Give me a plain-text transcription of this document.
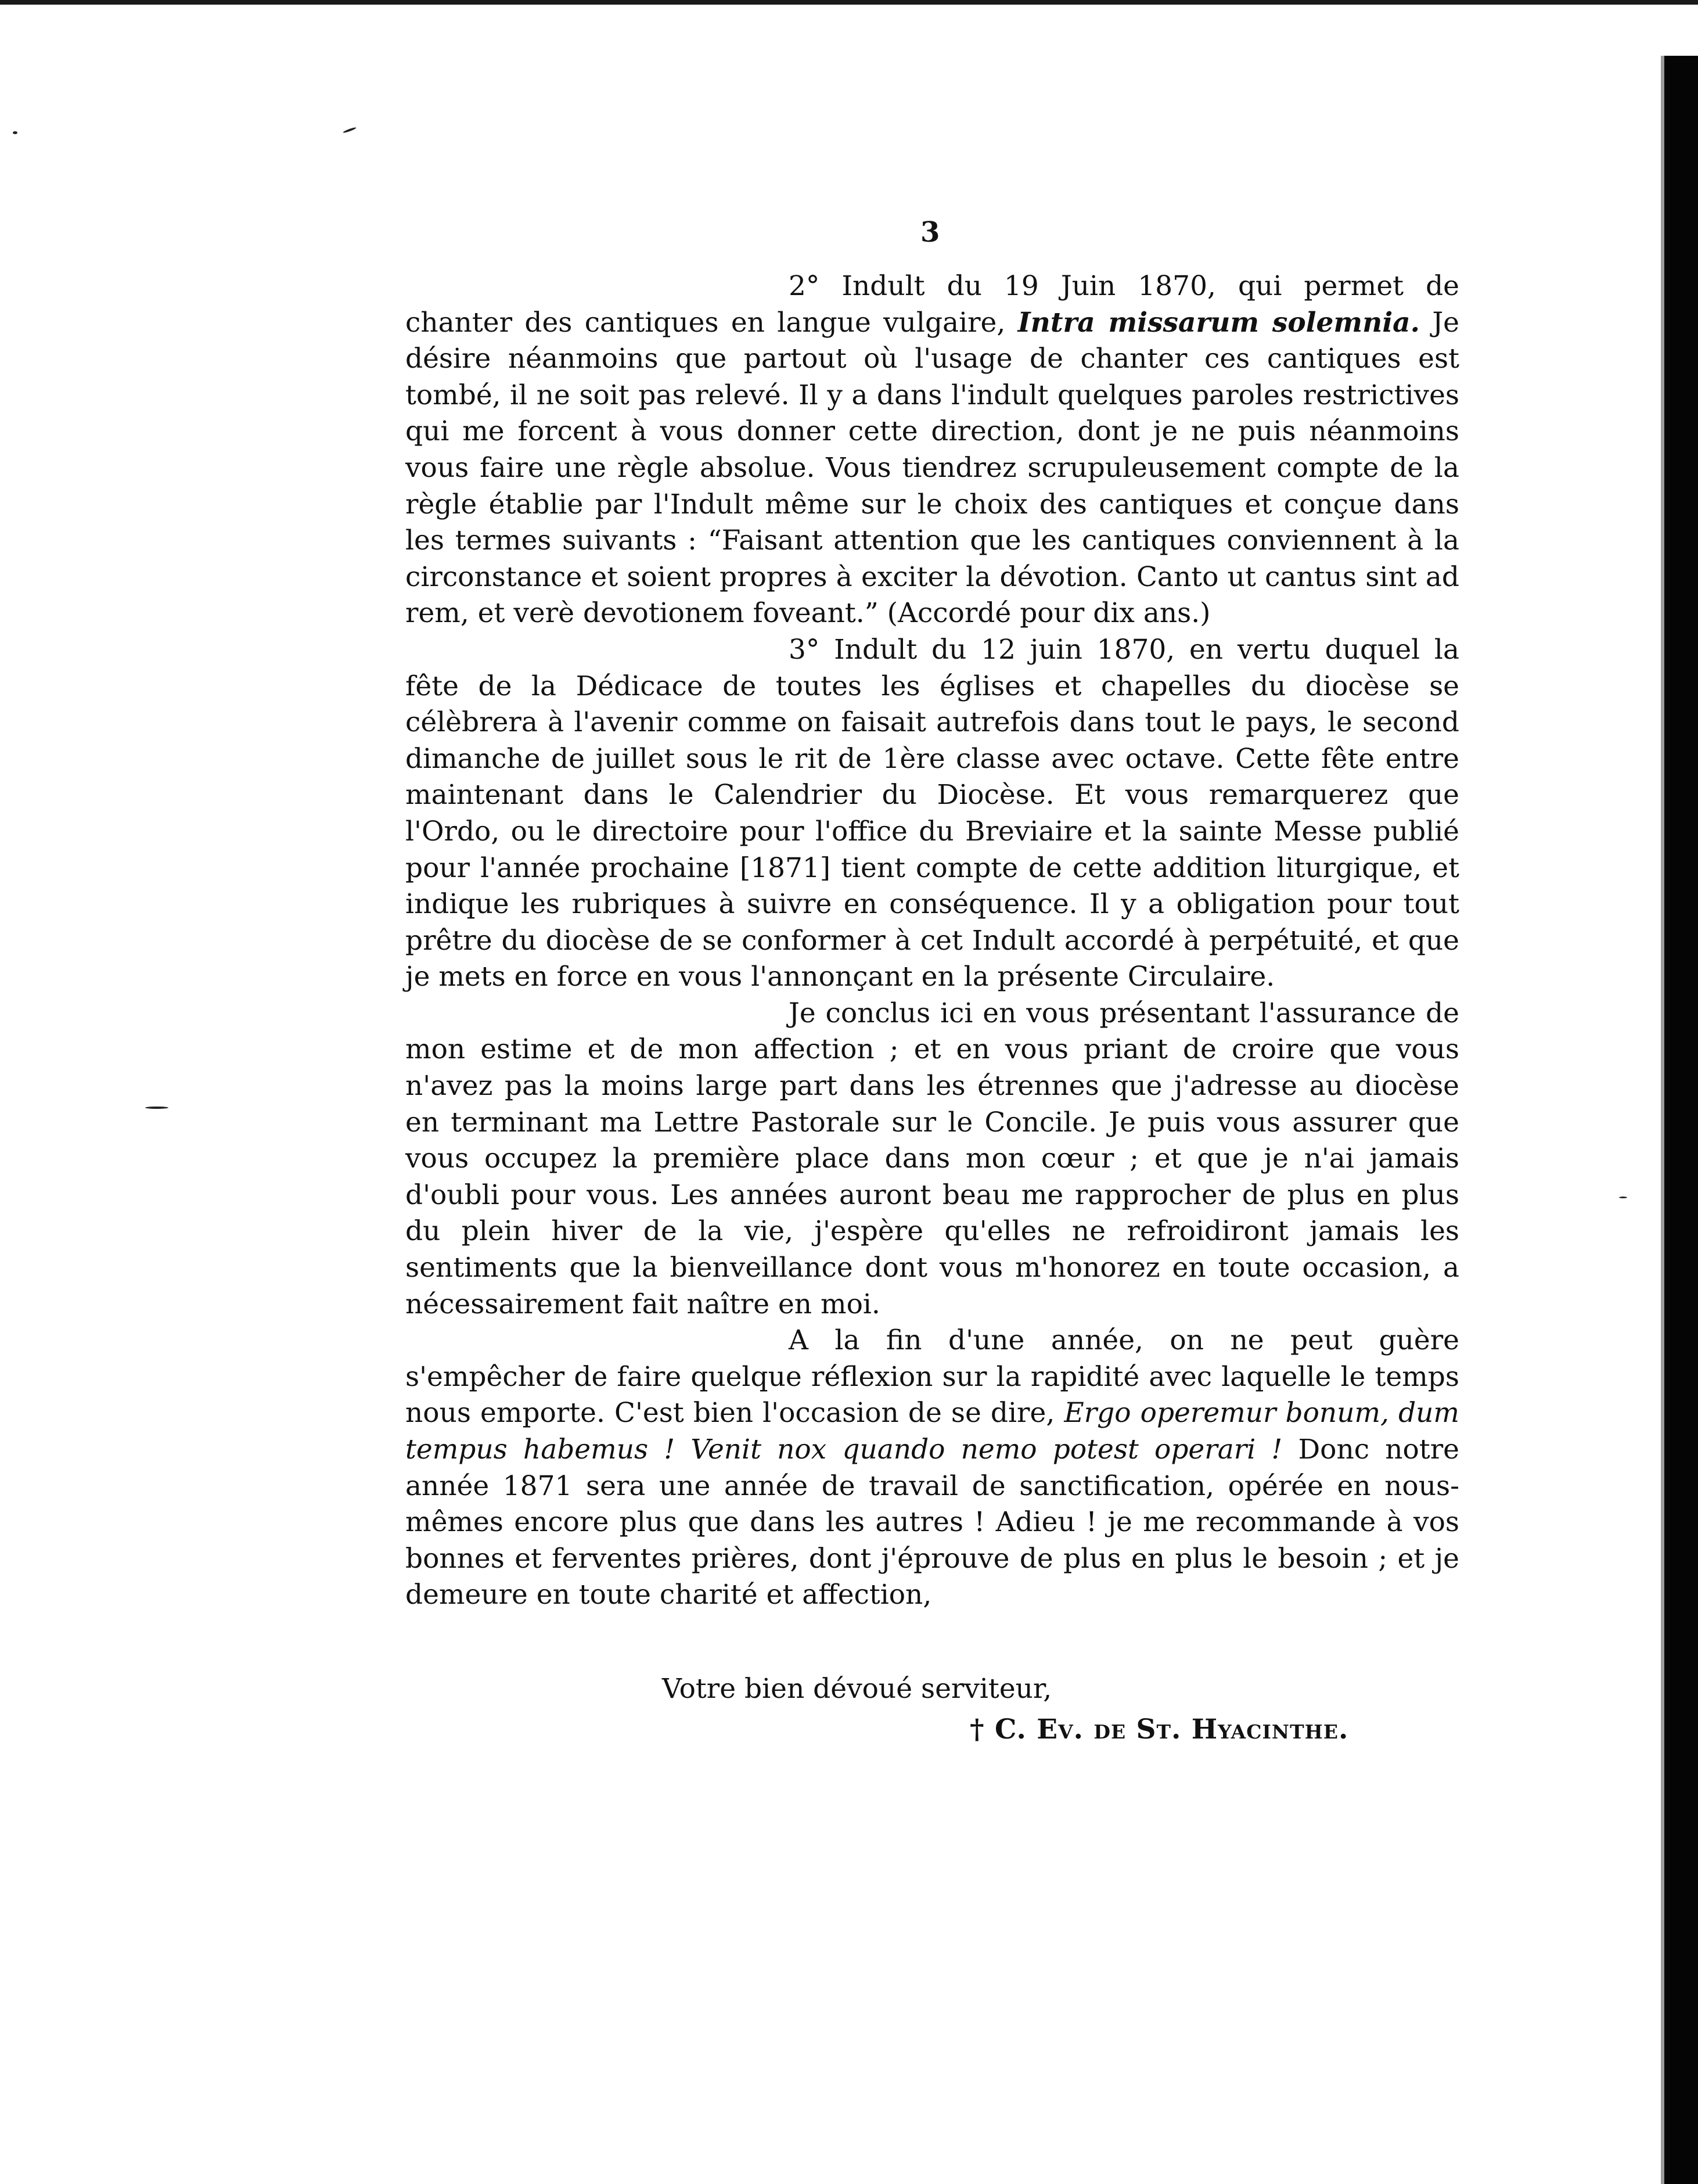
3

2° Indult du 19 Juin 1870, qui permet de chanter des cantiques en langue vulgaire, Intra missarum solemnia. Je désire néanmoins que partout où l'usage de chanter ces cantiques est tombé, il ne soit pas relevé. Il y a dans l'indult quelques paroles restrictives qui me forcent à vous donner cette direction, dont je ne puis néanmoins vous faire une règle absolue. Vous tiendrez scrupuleusement compte de la règle établie par l'Indult même sur le choix des cantiques et conçue dans les termes suivants : “Faisant attention que les cantiques conviennent à la circonstance et soient propres à exciter la dévotion. Canto ut cantus sint ad rem, et verè devotionem foveant.” (Accordé pour dix ans.)

3° Indult du 12 juin 1870, en vertu duquel la fête de la Dédicace de toutes les églises et chapelles du diocèse se célèbrera à l'avenir comme on faisait autrefois dans tout le pays, le second dimanche de juillet sous le rit de 1ère classe avec octave. Cette fête entre maintenant dans le Calendrier du Diocèse. Et vous remarquerez que l'Ordo, ou le directoire pour l'office du Breviaire et la sainte Messe publié pour l'année prochaine [1871] tient compte de cette addition liturgique, et indique les rubriques à suivre en conséquence. Il y a obligation pour tout prêtre du diocèse de se conformer à cet Indult accordé à perpétuité, et que je mets en force en vous l'annonçant en la présente Circulaire.

Je conclus ici en vous présentant l'assurance de mon estime et de mon affection ; et en vous priant de croire que vous n'avez pas la moins large part dans les étrennes que j'adresse au diocèse en terminant ma Lettre Pastorale sur le Concile. Je puis vous assurer que vous occupez la première place dans mon cœur ; et que je n'ai jamais d'oubli pour vous. Les années auront beau me rapprocher de plus en plus du plein hiver de la vie, j'espère qu'elles ne refroidiront jamais les sentiments que la bienveillance dont vous m'honorez en toute occasion, a nécessairement fait naître en moi.

A la fin d'une année, on ne peut guère s'empêcher de faire quelque réflexion sur la rapidité avec laquelle le temps nous emporte. C'est bien l'occasion de se dire, Ergo operemur bonum, dum tempus habemus ! Venit nox quando nemo potest operari ! Donc notre année 1871 sera une année de travail de sanctification, opérée en nous-mêmes encore plus que dans les autres ! Adieu ! je me recommande à vos bonnes et ferventes prières, dont j'éprouve de plus en plus le besoin ; et je demeure en toute charité et affection,

Votre bien dévoué serviteur,
† C. Ev. de St. Hyacinthe.
